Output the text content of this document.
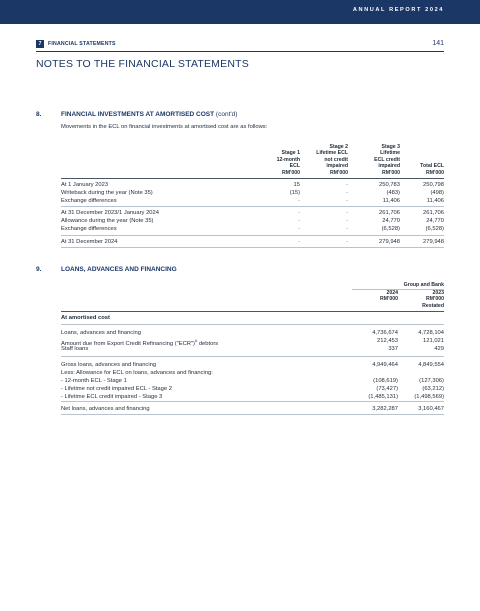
ANNUAL REPORT 2024
7	FINANCIAL STATEMENTS	141
NOTES TO THE FINANCIAL STATEMENTS
8.	FINANCIAL INVESTMENTS AT AMORTISED COST (cont'd)
Movements in the ECL on financial investments at amortised cost are as follows:
Stage 1
12-month
ECL
RM'000
Stage 2
Lifetime ECL
not credit
impaired
RM'000
Stage 3
Lifetime
ECL credit
impaired
RM'000
Total ECL
RM'000
At 1 January 2023	15	-	250,783	250,798
Writeback during the year (Note 35)	(15)	-	(483)	(498)
Exchange differences	-	-	11,406	11,406
At 31 December 2023/1 January 2024	-	-	261,706	261,706
Allowance during the year (Note 35)	-	-	24,770	24,770
Exchange differences	-	-	(6,528)	(6,528)
At 31 December 2024	-	-	279,948	279,948
9.	LOANS, ADVANCES AND FINANCING
Group and Bank
2024
RM'000
2023
RM'000
Restated
At amortised cost
Loans, advances and financing	4,736,674	4,728,104
Amount due from Export Credit Refinancing ("ECR")# debtors	212,453	121,021
Staff loans	337	429
Gross loans, advances and financing	4,949,464	4,849,554
Less: Allowance for ECL on loans, advances and financing:
- 12-month ECL - Stage 1	(108,619)	(127,306)
- Lifetime not credit impaired ECL - Stage 2	(73,427)	(63,212)
- Lifetime ECL credit impaired - Stage 3	(1,485,131)	(1,498,569)
Net loans, advances and financing	3,282,287	3,160,467
